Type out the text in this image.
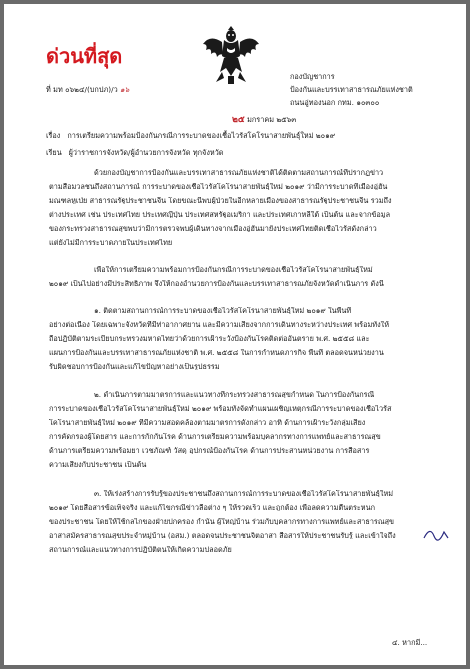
ด่วนที่สุด
ที่ มท ๐๖๒๔/(บกปภ)/ว ๑๖
กองบัญชาการ
ป้องกันและบรรเทาสาธารณภัยแห่งชาติ
ถนนอู่ทองนอก กทม. ๑๐๓๐๐
๒๕ มกราคม ๒๕๖๓
เรื่อง การเตรียมความพร้อมป้องกันกรณีการระบาดของเชื้อไวรัสโคโรนาสายพันธุ์ใหม่ ๒๐๑๙
เรียน ผู้ว่าราชการจังหวัด/ผู้อำนวยการจังหวัด ทุกจังหวัด
ด้วยกองบัญชาการป้องกันและบรรเทาสาธารณภัยแห่งชาติได้ติดตามสถานการณ์ที่ปรากฏข่าว
ตามสื่อมวลชนถึงสถานการณ์ การระบาดของเชื้อไวรัสโคโรนาสายพันธุ์ใหม่ ๒๐๑๙ ว่ามีการระบาดที่เมืองอู่ฮั่น
มณฑลหูเป่ย สาธารณรัฐประชาชนจีน โดยขณะนี้พบผู้ป่วยในอีกหลายเมืองของสาธารณรัฐประชาชนจีน รวมถึง
ต่างประเทศ เช่น ประเทศไทย ประเทศญี่ปุ่น ประเทศสหรัฐอเมริกา และประเทศเกาหลีใต้ เป็นต้น และจากข้อมูล
ของกระทรวงสาธารณสุขพบว่ามีการตรวจพบผู้เดินทางจากเมืองอู่ฮั่นมายังประเทศไทยติดเชื้อไวรัสดังกล่าว
แต่ยังไม่มีการระบาดภายในประเทศไทย
เพื่อให้การเตรียมความพร้อมการป้องกันกรณีการระบาดของเชื้อไวรัสโคโรนาสายพันธุ์ใหม่
๒๐๑๙ เป็นไปอย่างมีประสิทธิภาพ จึงให้กองอำนวยการป้องกันและบรรเทาสาธารณภัยจังหวัดดำเนินการ ดังนี้
๑. ติดตามสถานการณ์การระบาดของเชื้อไวรัสโคโรนาสายพันธุ์ใหม่ ๒๐๑๙ ในพื้นที่
อย่างต่อเนื่อง โดยเฉพาะจังหวัดที่มีท่าอากาศยาน และมีความเสี่ยงจากการเดินทางระหว่างประเทศ พร้อมทั้งให้
ถือปฏิบัติตามระเบียบกระทรวงมหาดไทยว่าด้วยการเฝ้าระวังป้องกันโรคติดต่ออันตราย พ.ศ. ๒๕๕๘ และ
แผนการป้องกันและบรรเทาสาธารณภัยแห่งชาติ พ.ศ. ๒๕๕๘ ในการกำหนดภารกิจ พื้นที่ ตลอดจนหน่วยงาน
รับผิดชอบการป้องกันและแก้ไขปัญหาอย่างเป็นรูปธรรม
๒. ดำเนินการตามมาตรการและแนวทางที่กระทรวงสาธารณสุขกำหนด ในการป้องกันกรณี
การระบาดของเชื้อไวรัสโคโรนาสายพันธุ์ใหม่ ๒๐๑๙ พร้อมทั้งจัดทำแผนเผชิญเหตุกรณีการระบาดของเชื้อไวรัส
โคโรนาสายพันธุ์ใหม่ ๒๐๑๙ ที่มีความสอดคล้องตามมาตรการดังกล่าว อาทิ ด้านการเฝ้าระวังกลุ่มเสี่ยง
การคัดกรองผู้โดยสาร และการกักกันโรค ด้านการเตรียมความพร้อมบุคลากรทางการแพทย์และสาธารณสุข
ด้านการเตรียมความพร้อมยา เวชภัณฑ์ วัสดุ อุปกรณ์ป้องกันโรค ด้านการประสานหน่วยงาน การสื่อสาร
ความเสี่ยงกับประชาชน เป็นต้น
๓. ให้เร่งสร้างการรับรู้ของประชาชนถึงสถานการณ์การระบาดของเชื้อไวรัสโคโรนาสายพันธุ์ใหม่
๒๐๑๙ โดยสื่อสารข้อเท็จจริง และแก้ไขกรณีข่าวลือต่าง ๆ ให้รวดเร็ว และถูกต้อง เพื่อลดความตื่นตระหนก
ของประชาชน โดยให้ใช้กลไกของฝ่ายปกครอง กำนัน ผู้ใหญ่บ้าน ร่วมกับบุคลากรทางการแพทย์และสาธารณสุข
อาสาสมัครสาธารณสุขประจำหมู่บ้าน (อสม.) ตลอดจนประชาชนจิตอาสา สื่อสารให้ประชาชนรับรู้ และเข้าใจถึง
สถานการณ์และแนวทางการปฏิบัติตนให้เกิดความปลอดภัย
๔. หากมี...
